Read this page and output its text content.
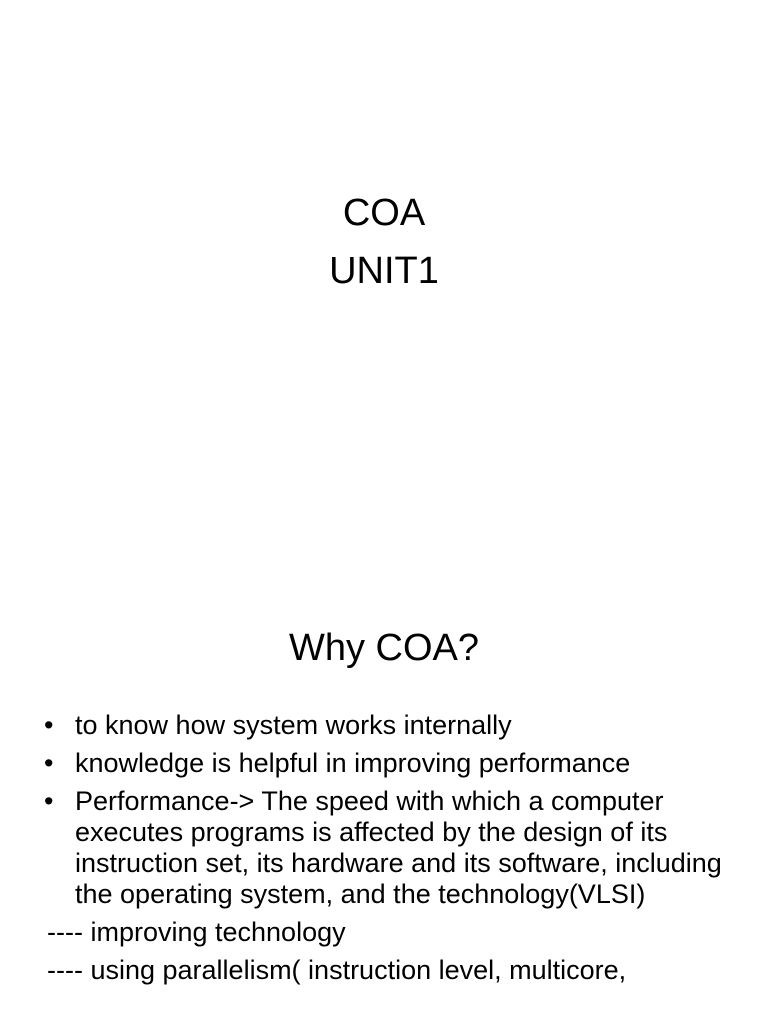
COA
UNIT1
Why COA?
• to know how system works internally
• knowledge is helpful in improving performance
• Performance-> The speed with which a computer executes programs is affected by the design of its instruction set, its hardware and its software, including the operating system, and the technology(VLSI)
---- improving technology
---- using parallelism( instruction level, multicore,
